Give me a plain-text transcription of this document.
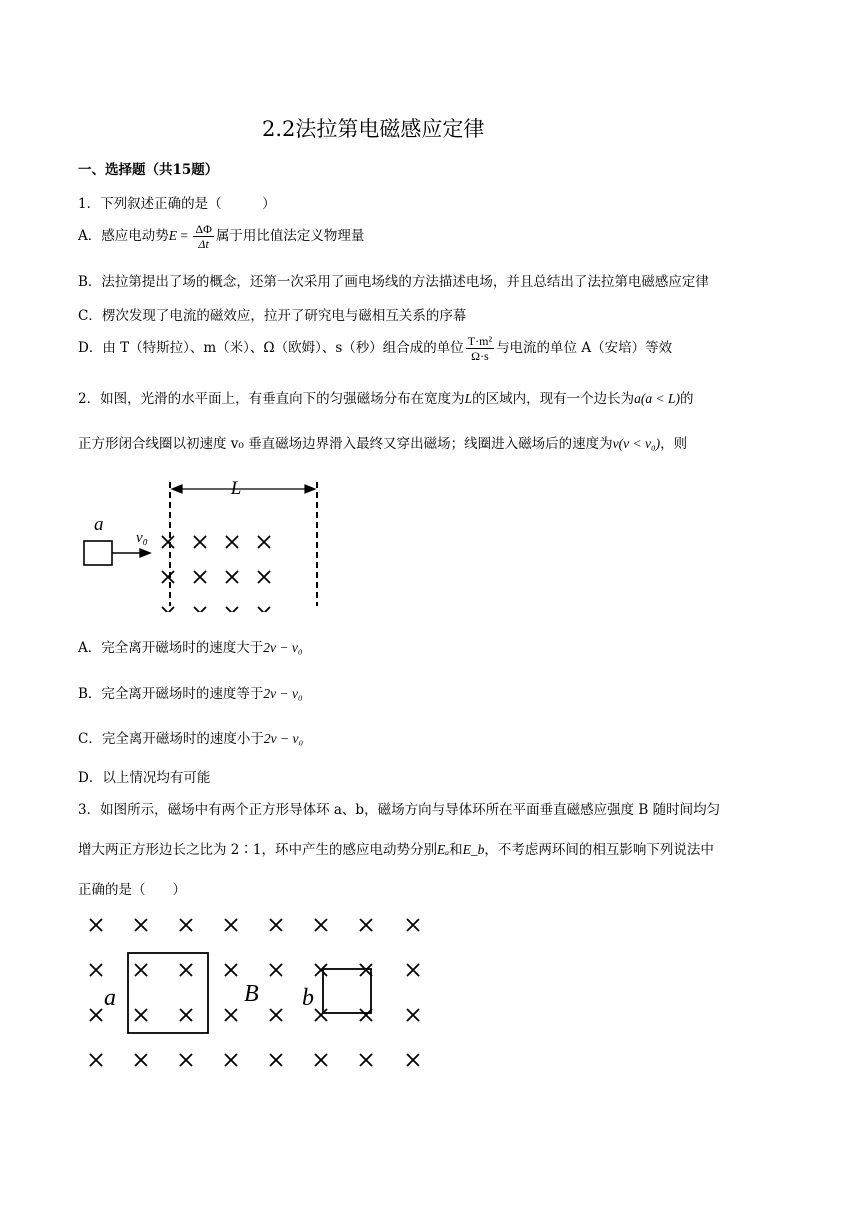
2.2法拉第电磁感应定律
一、选择题（共15题）
1．下列叙述正确的是（　　　）
A．感应电动势$E = \frac{\Delta\Phi}{\Delta t}$ 属于用比值法定义物理量
B．法拉第提出了场的概念，还第一次采用了画电场线的方法描述电场，并且总结出了法拉第电磁感应定律
C．楞次发现了电流的磁效应，拉开了研究电与磁相互关系的序幕
D．由 T（特斯拉）、m（米）、Ω（欧姆）、s（秒）组合成的单位 $\frac{\text{T·m²}}{\Omega\cdot s}$ 与电流的单位 A（安培）等效
2．如图，光滑的水平面上，有垂直向下的匀强磁场分布在宽度为L的区域内，现有一个边长为a(a < L)的
正方形闭合线圈以初速度 v₀ 垂直磁场边界滑入最终又穿出磁场；线圈进入磁场后的速度为v(v < v₀)，则
L
a
v₀
A．完全离开磁场时的速度大于2v − v₀
B．完全离开磁场时的速度等于2v − v₀
C．完全离开磁场时的速度小于2v − v₀
D．以上情况均有可能
3．如图所示，磁场中有两个正方形导体环 a、b，磁场方向与导体环所在平面垂直磁感应强度 B 随时间均匀
增大两正方形边长之比为 2∶1，环中产生的感应电动势分别Eₐ和E_b，不考虑两环间的相互影响下列说法中
正确的是（　　）
a	B b
